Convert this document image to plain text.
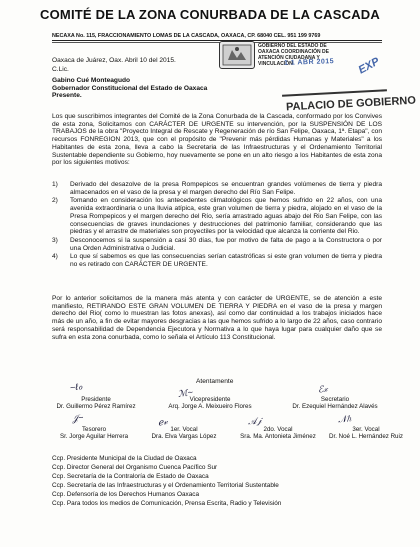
COMITÉ DE LA ZONA CONURBADA DE LA CASCADA
NECAXA No. 115, FRACCIONAMIENTO LOMAS DE LA CASCADA, OAXACA, CP. 68040 CEL. 951 199 9769
GOBIERNO DEL ESTADO DE OAXACA COORDINACIÓN DE ATENCIÓN CIUDADANA Y VINCULACIÓN
1 1 ABR 2015 EXP
Oaxaca de Juárez, Oax. Abril 10 del 2015.
C.Lic.
Gabino Cué Monteagudo
Gobernador Constitucional del Estado de Oaxaca
Presente.	PALACIO DE GOBIERNO
Los que suscribimos integrantes del Comité de la Zona Conurbada de la Cascada, conformado por los Convives de esta zona, Solicitamos con CARÁCTER DE URGENTE su intervención, por la SUSPENSIÓN DE LOS TRABAJOS de la obra "Proyecto Integral de Rescate y Regeneración de río San Felipe, Oaxaca, 1ª. Etapa", con recursos FONREGION 2013, que con el propósito de "Prevenir más pérdidas Humanas y Materiales" a los Habitantes de esta zona, lleva a cabo la Secretaria de las Infraestructuras y el Ordenamiento Territorial Sustentable dependiente su Gobierno, hoy nuevamente se pone en un alto riesgo a los Habitantes de esta zona por los siguientes motivos:
1) Derivado del desazolve de la presa Rompepicos se encuentran grandes volúmenes de tierra y piedra almacenados en el vaso de la presa y el margen derecho del Río San Felipe.
2) Tomando en consideración los antecedentes climatológicos que hemos sufrido en 22 años, con una avenida extraordinaria o una lluvia atípica, este gran volumen de tierra y piedra, alojado en el vaso de la Presa Rompepicos y el margen derecho del Río, sería arrastrado aguas abajo del Rio San Felipe, con las consecuencias de graves inundaciones y destrucciones del patrimonio familiar, considerando que las piedras y el arrastre de materiales son proyectiles por la velocidad que alcanza la corriente del Rio.
3) Desconocemos si la suspensión a casi 30 días, fue por motivo de falta de pago a la Constructora o por una Orden Administrativa o Judicial.
4) Lo que sí sabemos es que las consecuencias serían catastróficas si este gran volumen de tierra y piedra no es retirado con CARÁCTER DE URGENTE.
Por lo anterior solicitamos de la manera más atenta y con carácter de URGENTE, se de atención a este manifiesto, RETIRANDO ESTE GRAN VOLUMEN DE TIERRA Y PIEDRA en el vaso de la presa y margen derecho del Rio( como lo muestran las fotos anexas), así como dar continuidad a los trabajos iniciados hace más de un año, a fin de evitar mayores desgracias a las que hemos sufrido a lo largo de 22 años, caso contrario será responsabilidad de Dependencia Ejecutora y Normativa a lo que haya lugar para cualquier daño que se sufra en esta zona conurbada, como lo señala el Artículo 113 Constitucional.
Atentamente
~ℓℴ
ℳ~	ℰ𝓍
𝒥~	ℯ𝓋	𝒜𝒿	𝒩ℎ
Presidente
Dr. Guillermo Pérez Ramírez
Vicepresidente
Arq. Jorge A. Meixueiro Flores
Secretario
Dr. Ezequiel Hernández Alavés
Tesorero
Sr. Jorge Aguilar Herrera
1er. Vocal
Dra. Elva Vargas López
2do. Vocal
Sra. Ma. Antonieta Jiménez
3er. Vocal
Dr. Noé L. Hernández Ruiz
Ccp. Presidente Municipal de la Ciudad de Oaxaca
Ccp. Director General del Organismo Cuenca Pacífico Sur
Ccp. Secretaría de la Contraloría de Estado de Oaxaca
Ccp. Secretaría de las Infraestructuras y el Ordenamiento Territorial Sustentable
Ccp. Defensoría de los Derechos Humanos Oaxaca
Ccp. Para todos los medios de Comunicación, Prensa Escrita, Radio y Televisión
